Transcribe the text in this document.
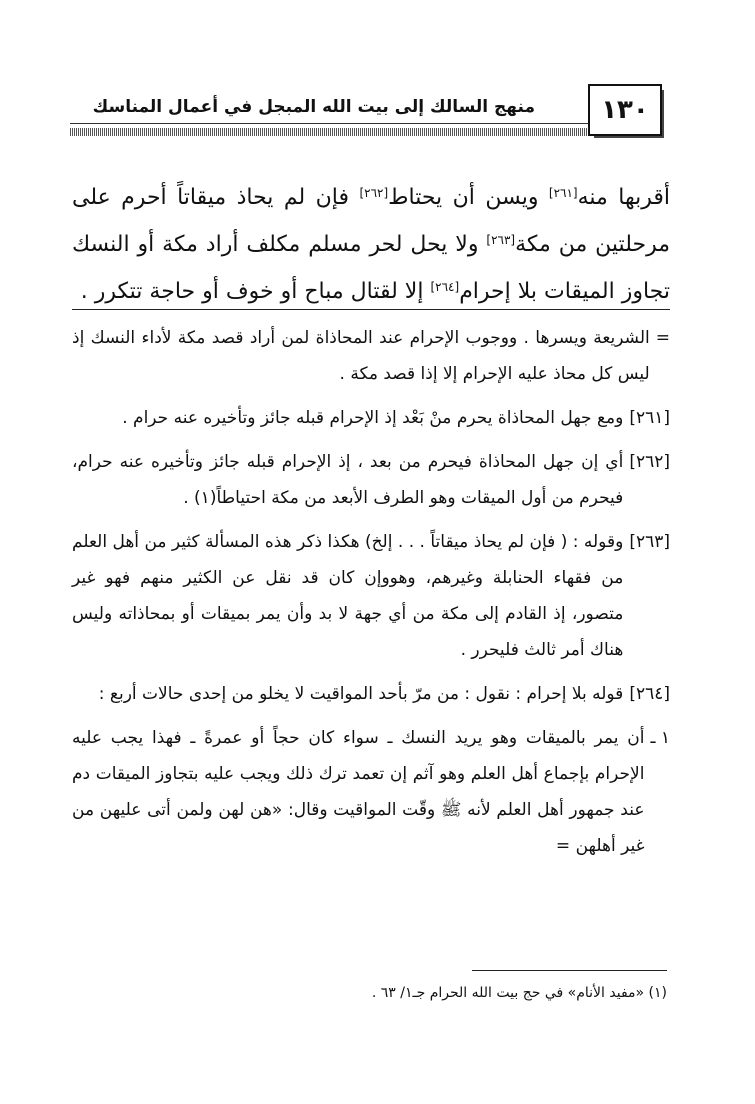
منهج السالك إلى بيت الله المبجل في أعمال المناسك	١٣٠

أقربها منه[٢٦١] ويسن أن يحتاط[٢٦٢] فإن لم يحاذ ميقاتاً أحرم على مرحلتين من مكة[٢٦٣] ولا يحل لحر مسلم مكلف أراد مكة أو النسك تجاوز الميقات بلا إحرام[٢٦٤] إلا لقتال مباح أو خوف أو حاجة تتكرر .

=
الشريعة ويسرها . ووجوب الإحرام عند المحاذاة لمن أراد قصد مكة لأداء النسك إذ ليس كل محاذ عليه الإحرام إلا إذا قصد مكة .
[٢٦١]
ومع جهل المحاذاة يحرم منْ بَعْد إذ الإحرام قبله جائز وتأخيره عنه حرام .
[٢٦٢]
أي إن جهل المحاذاة فيحرم من بعد ، إذ الإحرام قبله جائز وتأخيره عنه حرام، فيحرم من أول الميقات وهو الطرف الأبعد من مكة احتياطاً(١) .
[٢٦٣]
وقوله : ( فإن لم يحاذ ميقاتاً . . . إلخ) هكذا ذكر هذه المسألة كثير من أهل العلم من فقهاء الحنابلة وغيرهم، وهووإن كان قد نقل عن الكثير منهم فهو غير متصور، إذ القادم إلى مكة من أي جهة لا بد وأن يمر بميقات أو بمحاذاته وليس هناك أمر ثالث فليحرر .
[٢٦٤]
قوله بلا إحرام : نقول : من مرّ بأحد المواقيت لا يخلو من إحدى حالات أربع :
١ ـ
أن يمر بالميقات وهو يريد النسك ـ سواء كان حجاً أو عمرةً ـ فهذا يجب عليه الإحرام بإجماع أهل العلم وهو آثم إن تعمد ترك ذلك ويجب عليه بتجاوز الميقات دم عند جمهور أهل العلم لأنه ﷺ وقّت المواقيت وقال: «هن لهن ولمن أتى عليهن من غير أهلهن =
(١) «مفيد الأنام» في حج بيت الله الحرام جـ١/ ٦٣ .
